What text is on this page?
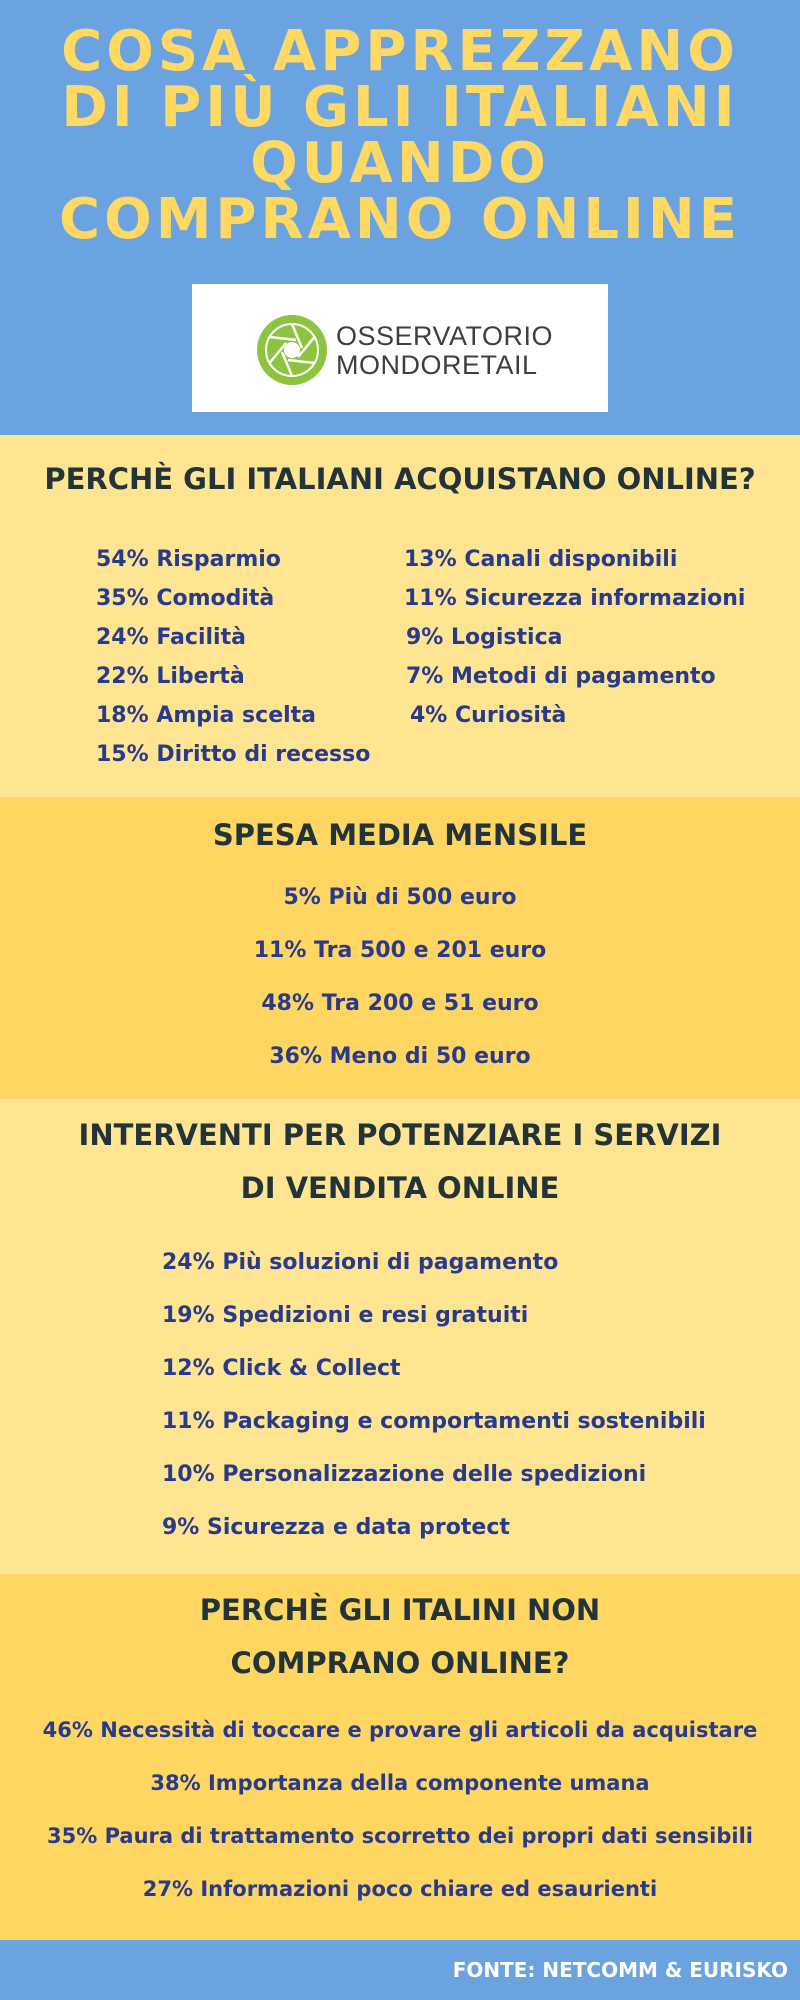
COSA APPREZZANO
DI PIÙ GLI ITALIANI
QUANDO
COMPRANO ONLINE
OSSERVATORIO
MONDORETAIL
PERCHÈ GLI ITALIANI ACQUISTANO ONLINE?
54% Risparmio
35% Comodità
24% Facilità
22% Libertà
18% Ampia scelta
15% Diritto di recesso
13% Canali disponibili
11% Sicurezza informazioni
9% Logistica
7% Metodi di pagamento
4% Curiosità
SPESA MEDIA MENSILE
5% Più di 500 euro
11% Tra 500 e 201 euro
48% Tra 200 e 51 euro
36% Meno di 50 euro
INTERVENTI PER POTENZIARE I SERVIZI
DI VENDITA ONLINE
24% Più soluzioni di pagamento
19% Spedizioni e resi gratuiti
12% Click & Collect
11% Packaging e comportamenti sostenibili
10% Personalizzazione delle spedizioni
9% Sicurezza e data protect
PERCHÈ GLI ITALINI NON
COMPRANO ONLINE?
46% Necessità di toccare e provare gli articoli da acquistare
38% Importanza della componente umana
35% Paura di trattamento scorretto dei propri dati sensibili
27% Informazioni poco chiare ed esaurienti
FONTE: NETCOMM & EURISKO
